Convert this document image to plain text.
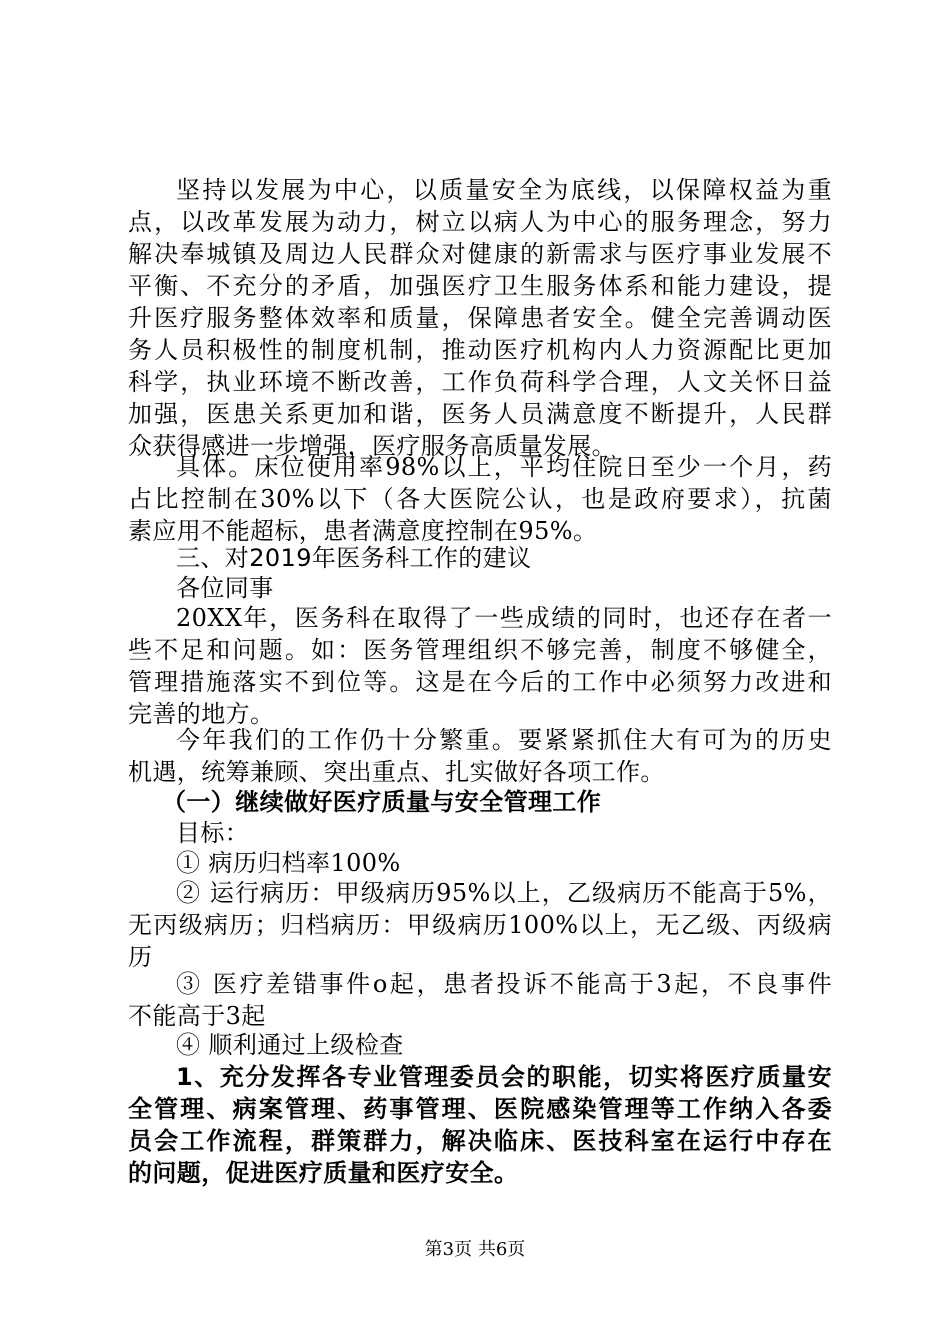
坚持以发展为中心，以质量安全为底线，以保障权益为重
点，以改革发展为动力，树立以病人为中心的服务理念，努力
解决奉城镇及周边人民群众对健康的新需求与医疗事业发展不
平衡、不充分的矛盾，加强医疗卫生服务体系和能力建设，提
升医疗服务整体效率和质量，保障患者安全。健全完善调动医
务人员积极性的制度机制，推动医疗机构内人力资源配比更加
科学，执业环境不断改善，工作负荷科学合理，人文关怀日益
加强，医患关系更加和谐，医务人员满意度不断提升，人民群
众获得感进一步增强，医疗服务高质量发展。
具体。床位使用率98%以上，平均住院日至少一个月，药
占比控制在30%以下（各大医院公认，也是政府要求），抗菌
素应用不能超标，患者满意度控制在95%。
三、对2019年医务科工作的建议
各位同事
20XX年，医务科在取得了一些成绩的同时，也还存在者一
些不足和问题。如：医务管理组织不够完善，制度不够健全，
管理措施落实不到位等。这是在今后的工作中必须努力改进和
完善的地方。
今年我们的工作仍十分繁重。要紧紧抓住大有可为的历史
机遇，统筹兼顾、突出重点、扎实做好各项工作。
（一）继续做好医疗质量与安全管理工作
目标：
① 病历归档率100%
② 运行病历：甲级病历95%以上，乙级病历不能高于5%，
无丙级病历；归档病历：甲级病历100%以上，无乙级、丙级病
历
③ 医疗差错事件o起，患者投诉不能高于3起，不良事件
不能高于3起
④ 顺利通过上级检查
1、充分发挥各专业管理委员会的职能，切实将医疗质量安
全管理、病案管理、药事管理、医院感染管理等工作纳入各委
员会工作流程，群策群力，解决临床、医技科室在运行中存在
的问题，促进医疗质量和医疗安全。
第3页 共6页
